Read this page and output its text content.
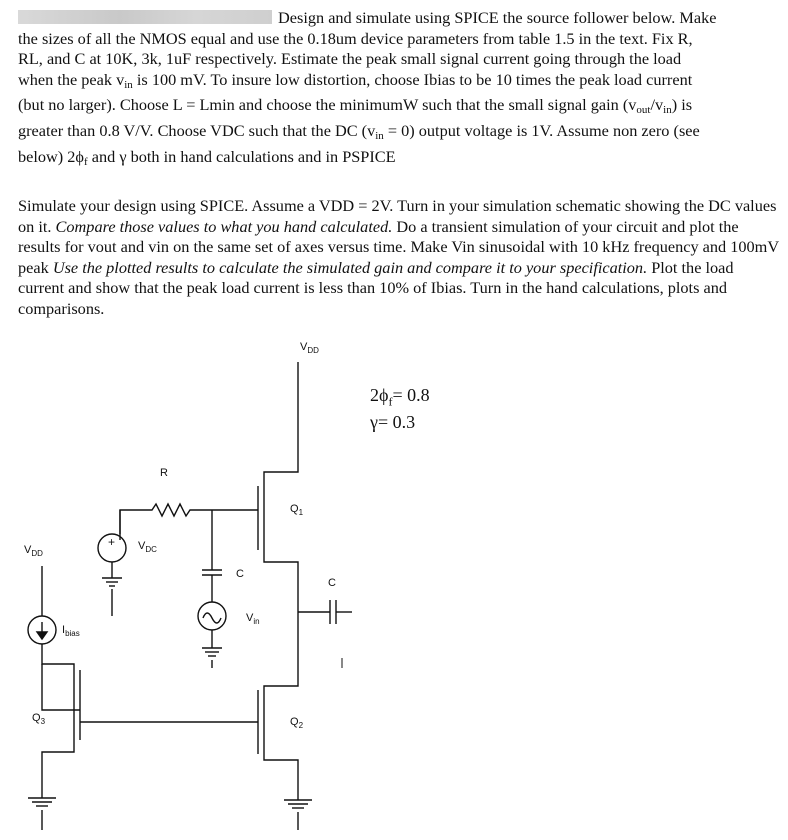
Design and simulate using SPICE the source follower below. Make
the sizes of all the NMOS equal and use the 0.18um device parameters from table 1.5 in the text. Fix R,
RL, and C at 10K, 3k, 1uF respectively. Estimate the peak small signal current going through the load
when the peak $v_{in}$ is 100 mV. To insure low distortion, choose Ibias to be 10 times the peak load current
(but no larger). Choose L = Lmin and choose the minimumW such that the small signal gain $(v_{out}/v_{in})$ is
greater than 0.8 V/V. Choose VDC such that the DC $(v_{in} = 0)$ output voltage is 1V. Assume non zero (see
below) $2\phi_f$ and γ both in hand calculations and in PSPICE
Simulate your design using SPICE. Assume a VDD = 2V. Turn in your simulation schematic showing the DC values on it. Compare those values to what you hand calculated. Do a transient simulation of your circuit and plot the results for vout and vin on the same set of axes versus time. Make Vin sinusoidal with 10 kHz frequency and 100mV peak Use the plotted results to calculate the simulated gain and compare it to your specification. Plot the load current and show that the peak load current is less than 10% of Ibias. Turn in the hand calculations, plots and comparisons.
$V_{DD}$
$V_{DD}$
R
$Q_1$
$Q_2$
$Q_3$
+ $V_{DC}$
C
C
$V_{in}$
$I_{bias}$
$2\phi_f= 0.8$
γ= 0.3
